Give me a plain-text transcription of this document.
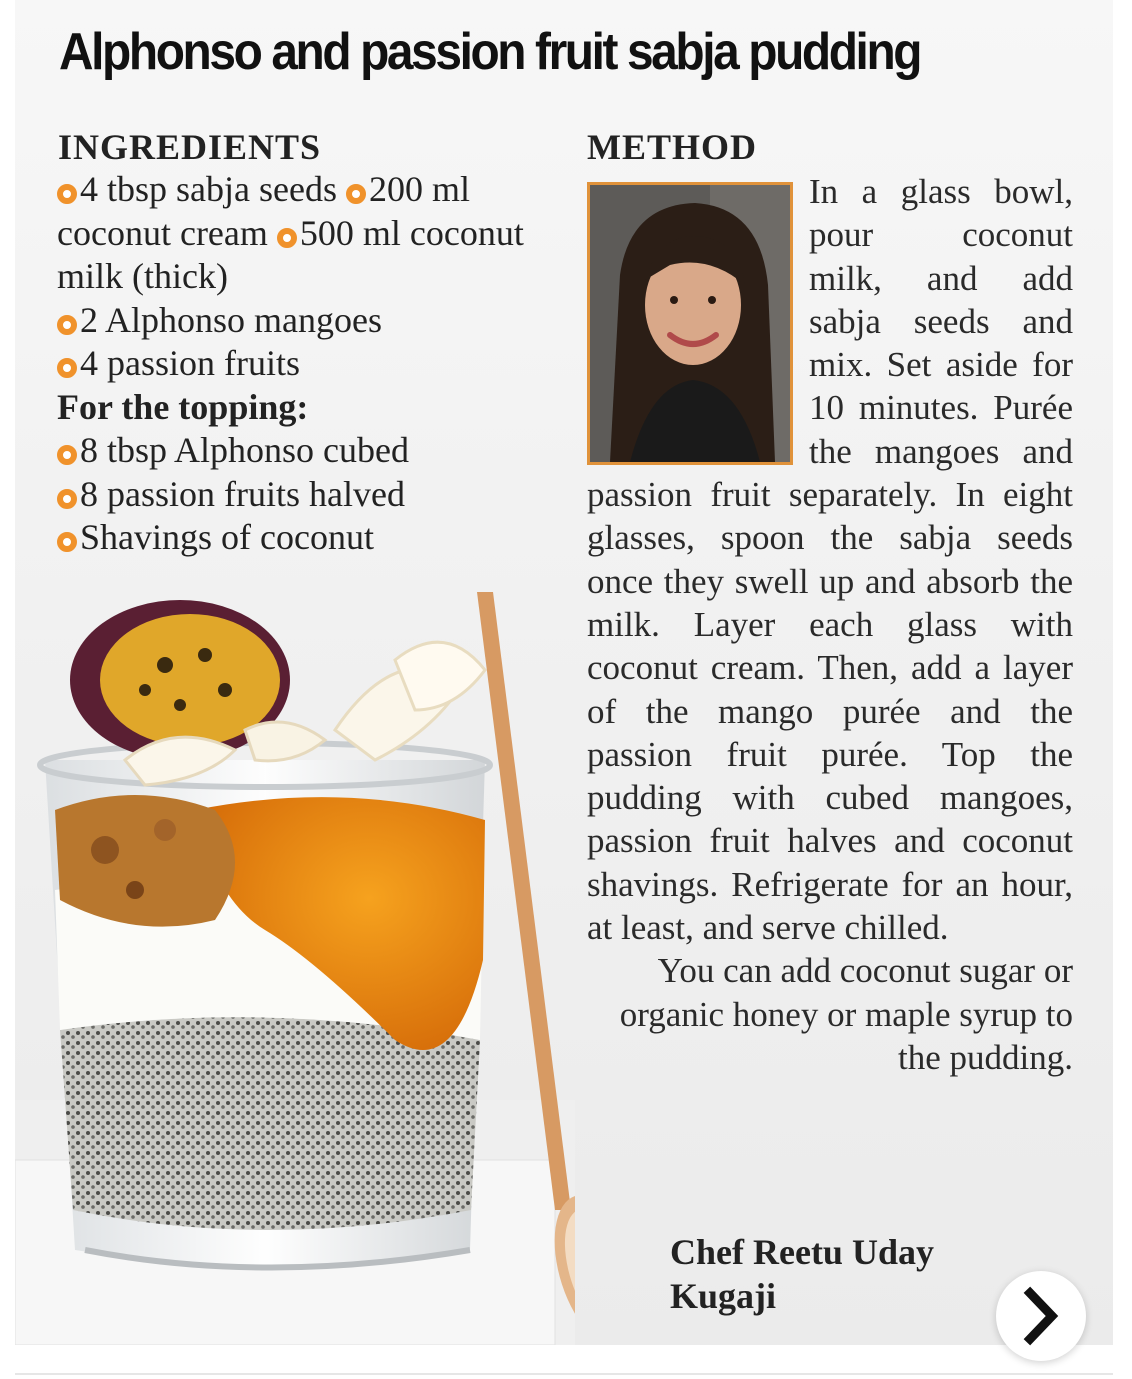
Alphonso and passion fruit sabja pudding
INGREDIENTS
4 tbsp sabja seeds 200 ml coconut cream 500 ml coconut milk (thick)
2 Alphonso mangoes
4 passion fruits
For the topping:
8 tbsp Alphonso cubed
8 passion fruits halved
Shavings of coconut
METHOD
In a glass bowl, pour coconut milk, and add sabja seeds and mix. Set aside for 10 minutes. Purée the mangoes and passion fruit separately. In eight glasses, spoon the sabja seeds once they swell up and absorb the milk. Layer each glass with coconut cream. Then, add a layer of the mango purée and the passion fruit purée. Top the pudding with cubed mangoes, passion fruit halves and coconut shavings. Refrigerate for an hour, at least, and serve chilled.
You can add coconut sugar or organic honey or maple syrup to the pudding.
Chef Reetu Uday
Kugaji
